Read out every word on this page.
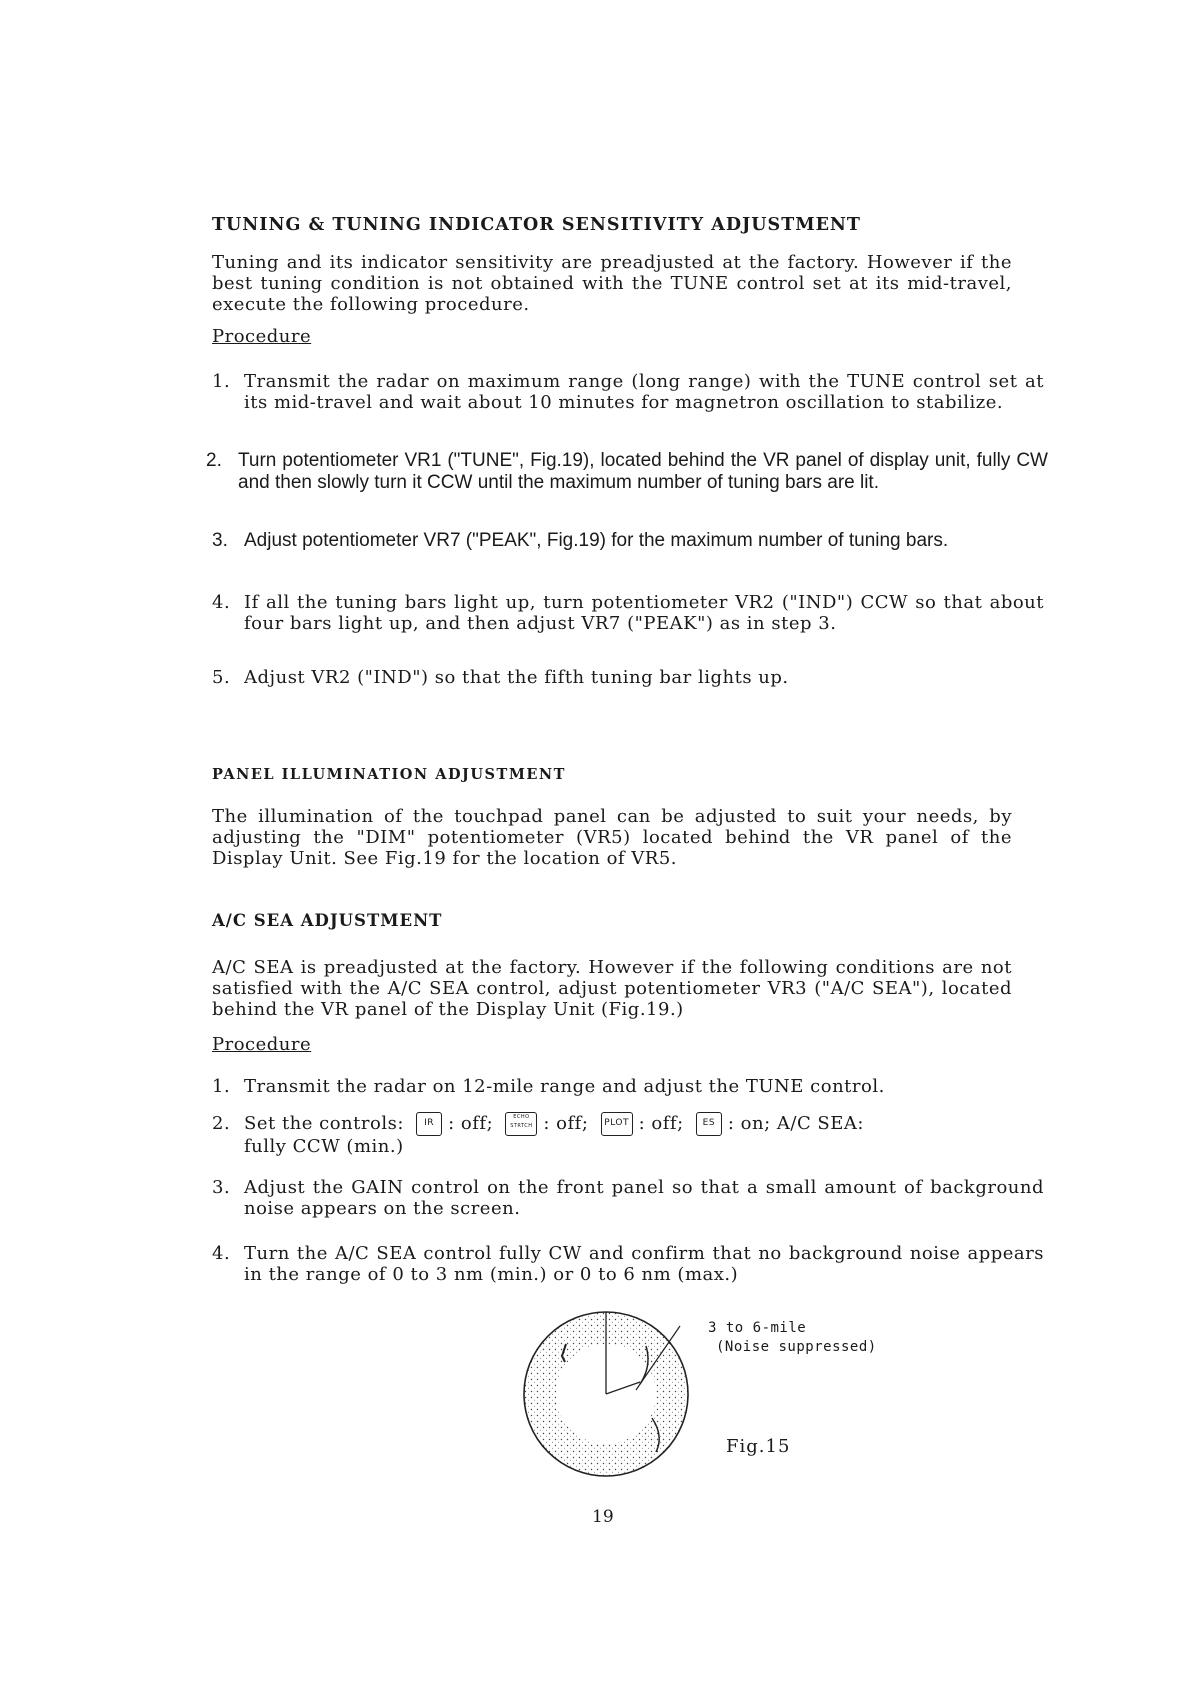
TUNING & TUNING INDICATOR SENSITIVITY ADJUSTMENT
Tuning and its indicator sensitivity are preadjusted at the factory. However if the best tuning condition is not obtained with the TUNE control set at its mid-travel, execute the following procedure.
Procedure
1. Transmit the radar on maximum range (long range) with the TUNE control set at its mid-travel and wait about 10 minutes for magnetron oscillation to stabilize.
2. Turn potentiometer VR1 ("TUNE", Fig.19), located behind the VR panel of display unit, fully CW and then slowly turn it CCW until the maximum number of tuning bars are lit.
3. Adjust potentiometer VR7 ("PEAK", Fig.19) for the maximum number of tuning bars.
4. If all the tuning bars light up, turn potentiometer VR2 ("IND") CCW so that about four bars light up, and then adjust VR7 ("PEAK") as in step 3.
5. Adjust VR2 ("IND") so that the fifth tuning bar lights up.
PANEL ILLUMINATION ADJUSTMENT
The illumination of the touchpad panel can be adjusted to suit your needs, by adjusting the "DIM" potentiometer (VR5) located behind the VR panel of the Display Unit. See Fig.19 for the location of VR5.
A/C SEA ADJUSTMENT
A/C SEA is preadjusted at the factory. However if the following conditions are not satisfied with the A/C SEA control, adjust potentiometer VR3 ("A/C SEA"), located behind the VR panel of the Display Unit (Fig.19.)
Procedure
1. Transmit the radar on 12-mile range and adjust the TUNE control.
2. Set the controls: IR : off;	ECHO STRTCH : off; PLOT : off; ES : on; A/C SEA:
fully CCW (min.)
3. Adjust the GAIN control on the front panel so that a small amount of background noise appears on the screen.
4. Turn the A/C SEA control fully CW and confirm that no background noise appears in the range of 0 to 3 nm (min.) or 0 to 6 nm (max.)
3 to 6-mile
(Noise suppressed)
Fig.15
19
